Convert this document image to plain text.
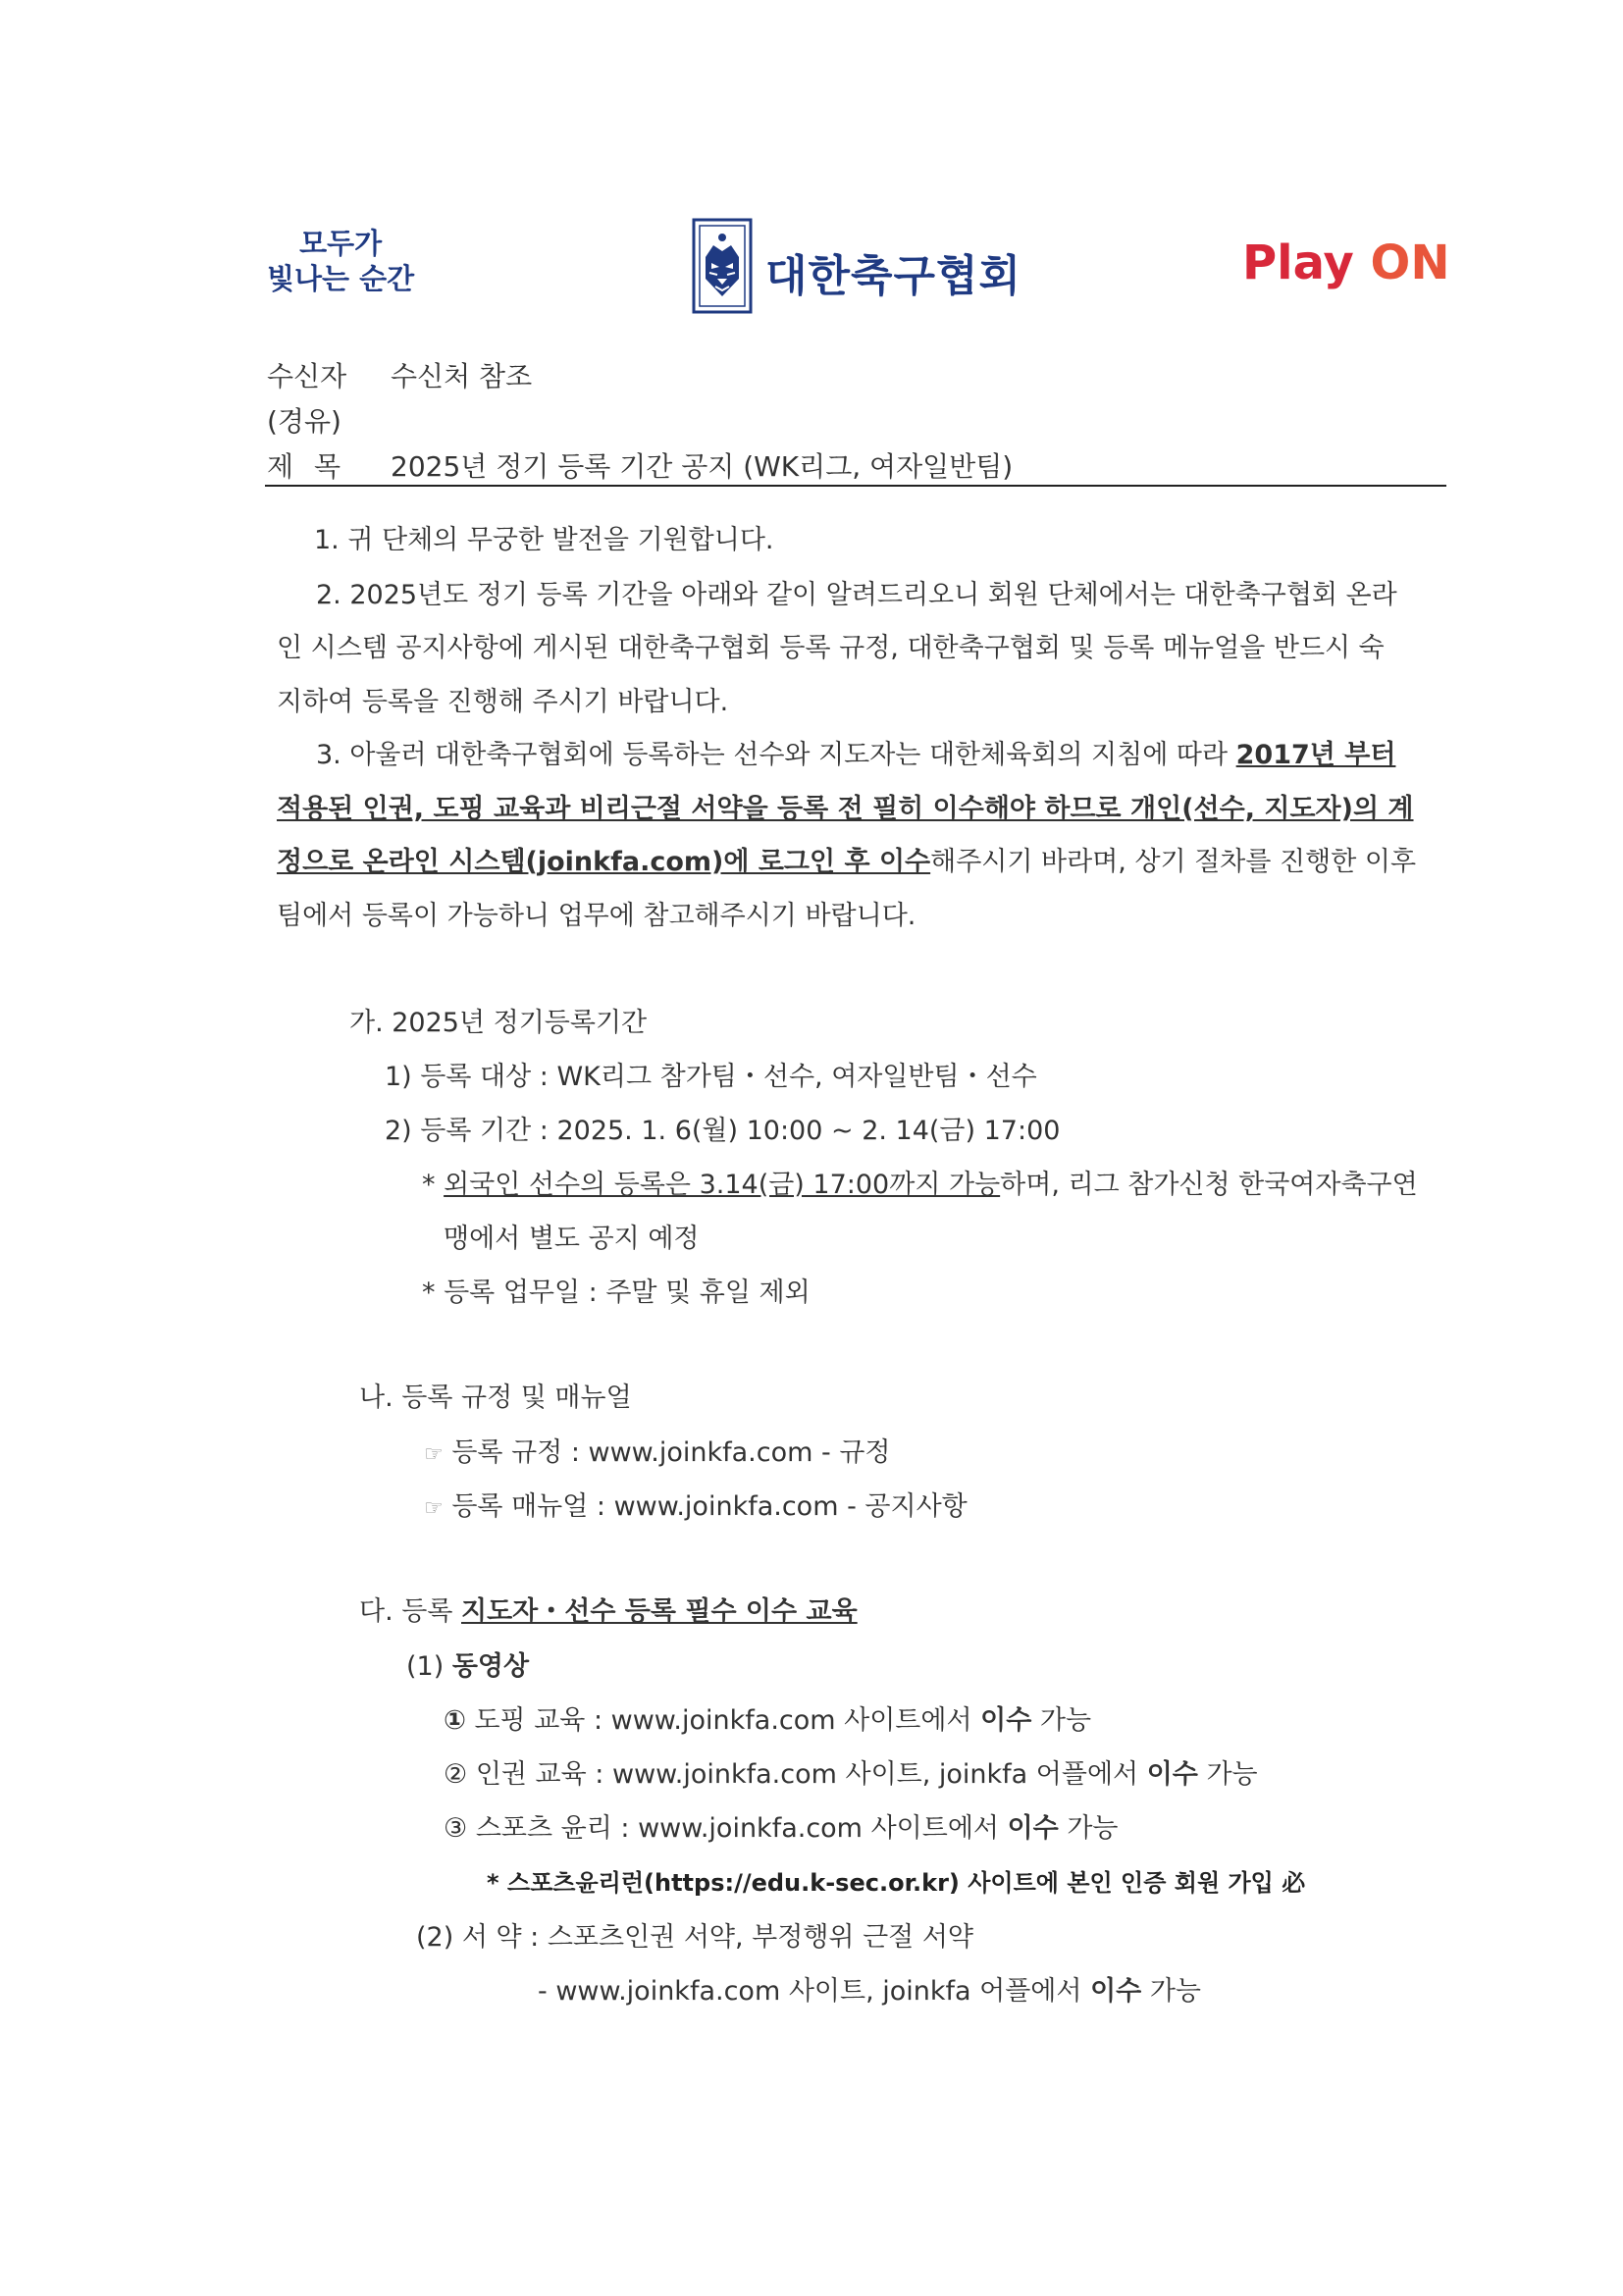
모두가
빛나는 순간	대한축구협회	Play ON
수신자 수신처 참조
(경유)
제 목 2025년 정기 등록 기간 공지 (WK리그, 여자일반팀)
1. 귀 단체의 무궁한 발전을 기원합니다.
2. 2025년도 정기 등록 기간을 아래와 같이 알려드리오니 회원 단체에서는 대한축구협회 온라
인 시스템 공지사항에 게시된 대한축구협회 등록 규정, 대한축구협회 및 등록 메뉴얼을 반드시 숙
지하여 등록을 진행해 주시기 바랍니다.
3. 아울러 대한축구협회에 등록하는 선수와 지도자는 대한체육회의 지침에 따라 2017년 부터
적용된 인권, 도핑 교육과 비리근절 서약을 등록 전 필히 이수해야 하므로 개인(선수, 지도자)의 계
정으로 온라인 시스템(joinkfa.com)에 로그인 후 이수해주시기 바라며, 상기 절차를 진행한 이후
팀에서 등록이 가능하니 업무에 참고해주시기 바랍니다.
가. 2025년 정기등록기간
1) 등록 대상 : WK리그 참가팀・선수, 여자일반팀・선수
2) 등록 기간 : 2025. 1. 6(월) 10:00 ~ 2. 14(금) 17:00
* 외국인 선수의 등록은 3.14(금) 17:00까지 가능하며, 리그 참가신청 한국여자축구연
맹에서 별도 공지 예정
* 등록 업무일 : 주말 및 휴일 제외
나. 등록 규정 및 매뉴얼
☞ 등록 규정 : www.joinkfa.com - 규정
☞ 등록 매뉴얼 : www.joinkfa.com - 공지사항
다. 등록 지도자・선수 등록 필수 이수 교육
(1) 동영상
① 도핑 교육 : www.joinkfa.com 사이트에서 이수 가능
② 인권 교육 : www.joinkfa.com 사이트, joinkfa 어플에서 이수 가능
③ 스포츠 윤리 : www.joinkfa.com 사이트에서 이수 가능
* 스포츠윤리런(https://edu.k-sec.or.kr) 사이트에 본인 인증 회원 가입 必
(2) 서 약 : 스포츠인권 서약, 부정행위 근절 서약
- www.joinkfa.com 사이트, joinkfa 어플에서 이수 가능
